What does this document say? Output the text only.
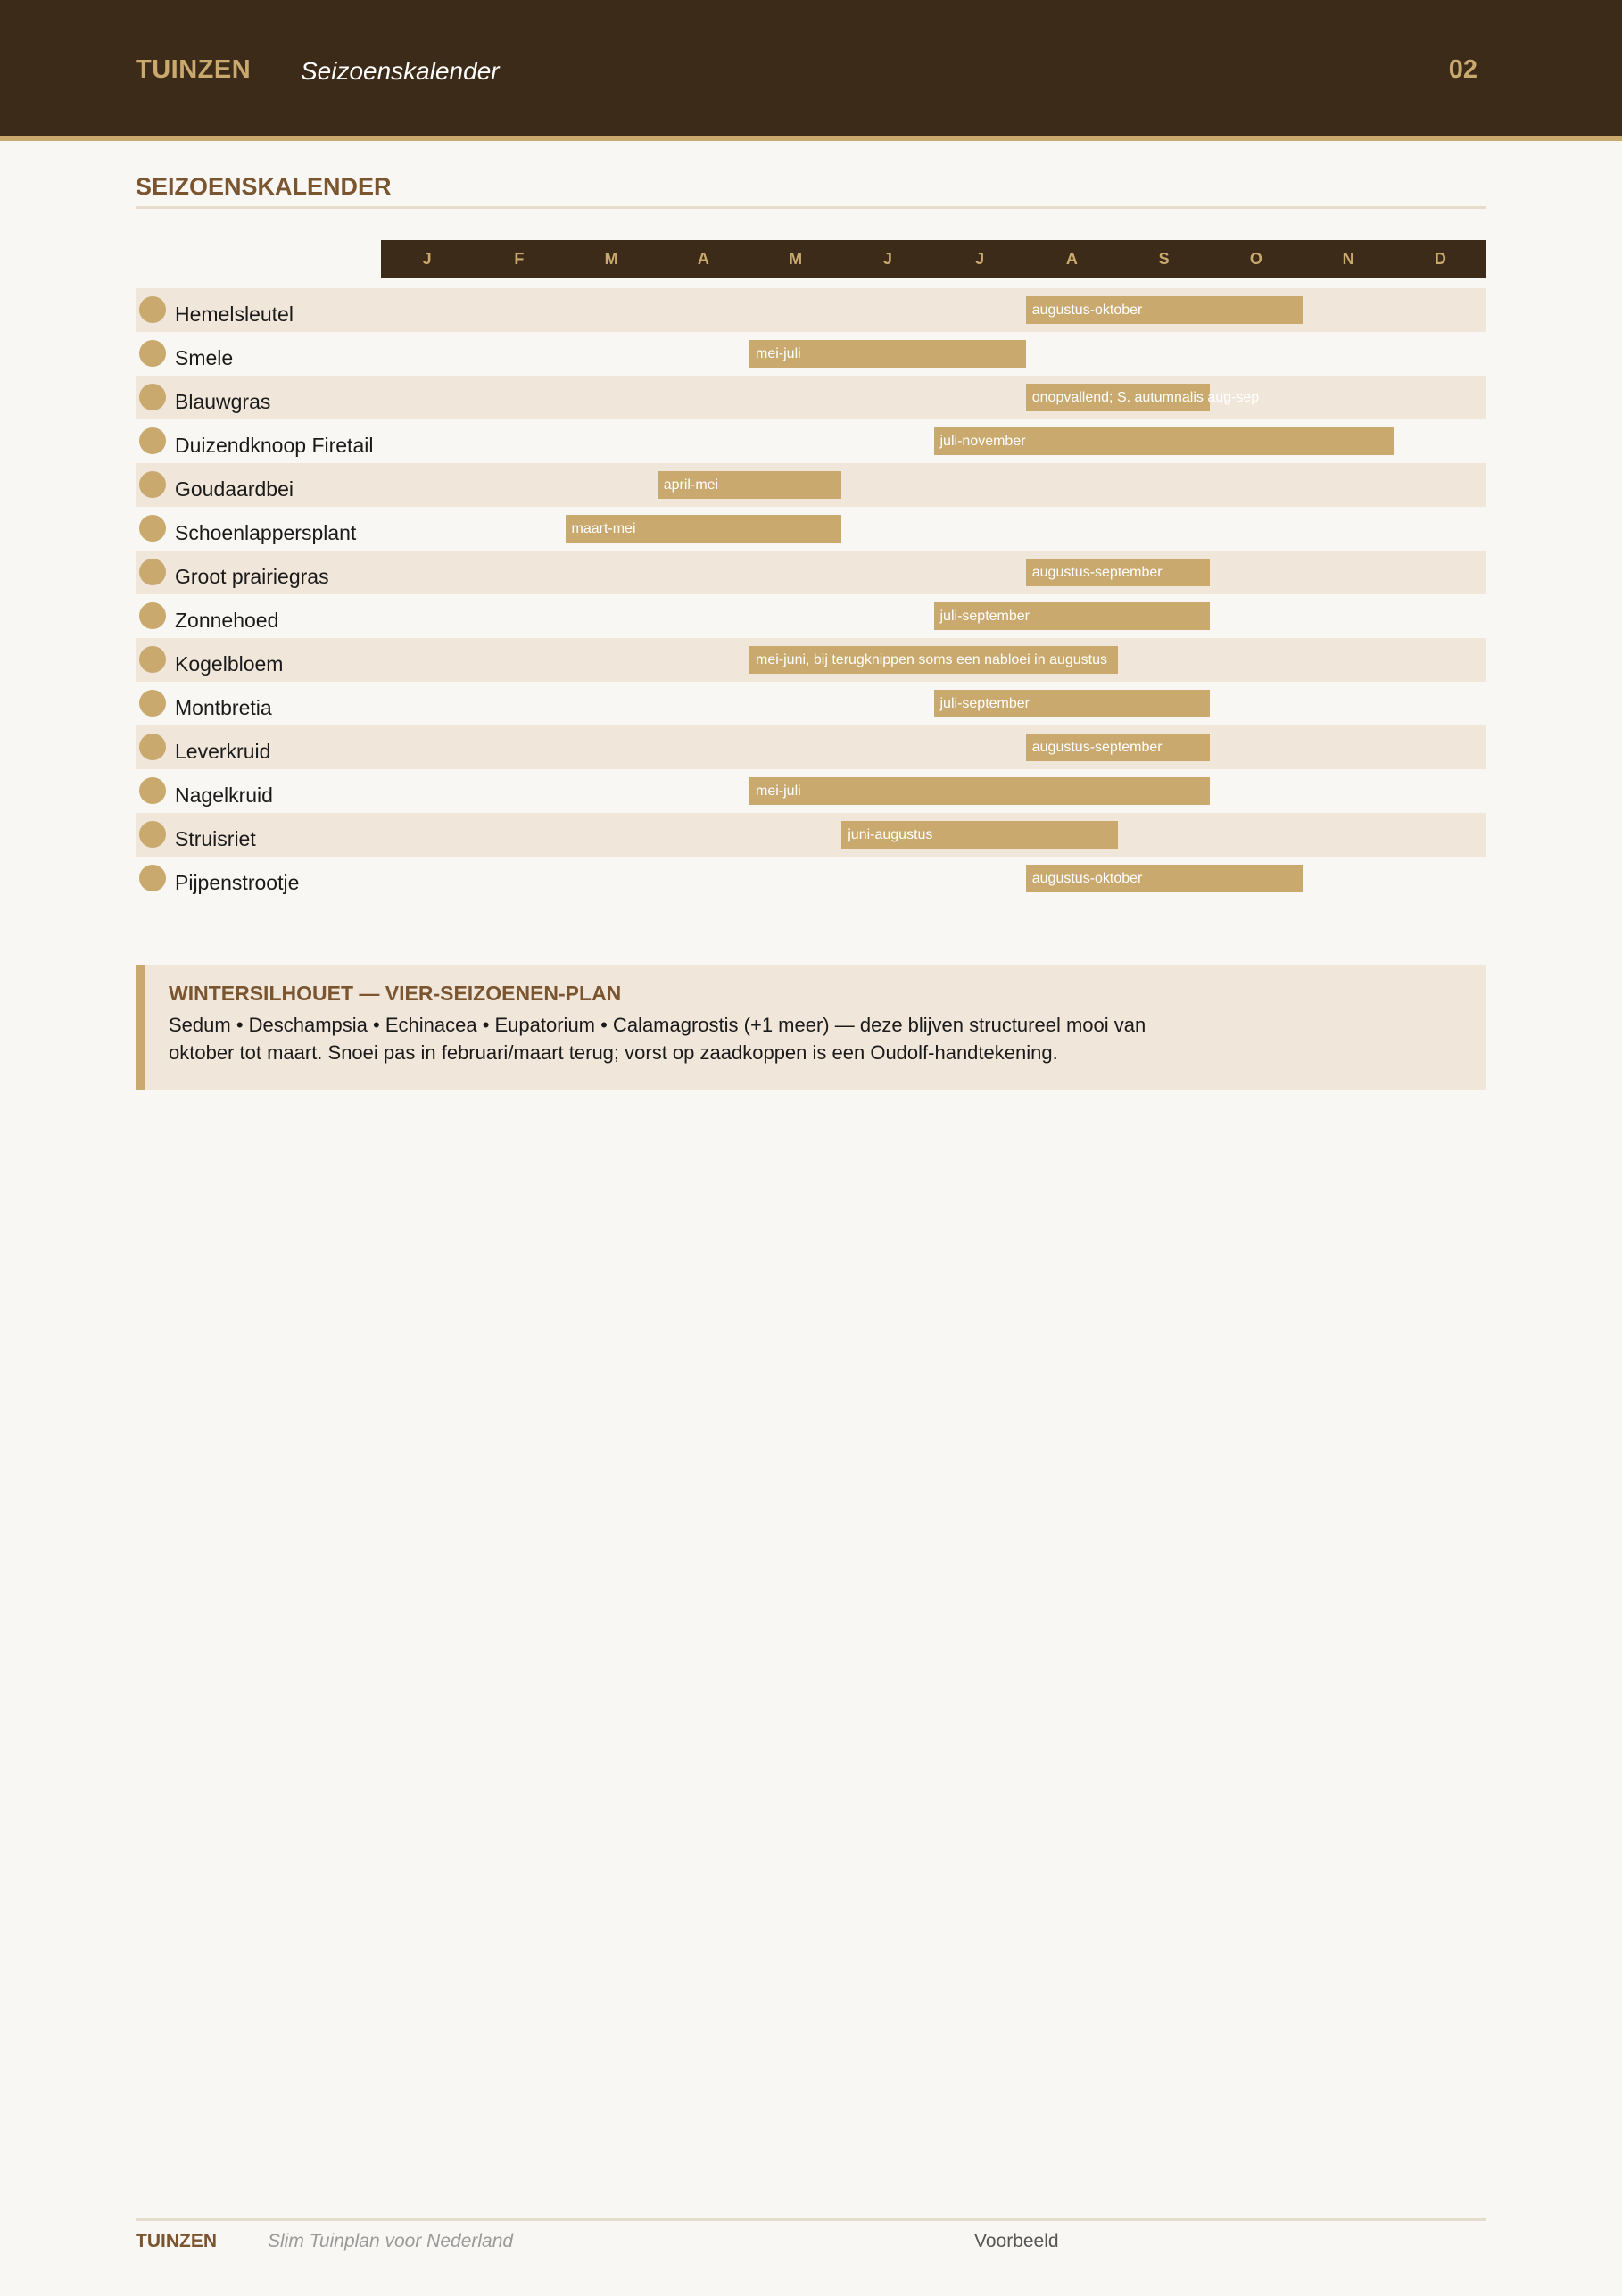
TUINZEN Seizoenskalender	02
SEIZOENSKALENDER
J	F	M	A	M	J	J	A	S	O	N	D
Hemelsleutel	augustus-oktober
Smele	mei-juli
Blauwgras	onopvallend; S. autumnalis aug-sep
Duizendknoop Firetail	juli-november
Goudaardbei	april-mei
Schoenlappersplant	maart-mei
Groot prairiegras	augustus-september
Zonnehoed	juli-september
Kogelbloem	mei-juni, bij terugknippen soms een nabloei in augustus
Montbretia	juli-september
Leverkruid	augustus-september
Nagelkruid	mei-juli
Struisriet	juni-augustus
Pijpenstrootje	augustus-oktober
WINTERSILHOUET — VIER-SEIZOENEN-PLAN
Sedum • Deschampsia • Echinacea • Eupatorium • Calamagrostis (+1 meer) — deze blijven structureel mooi van oktober tot maart. Snoei pas in februari/maart terug; vorst op zaadkoppen is een Oudolf-handtekening.
TUINZEN	Slim Tuinplan voor Nederland	Voorbeeld
